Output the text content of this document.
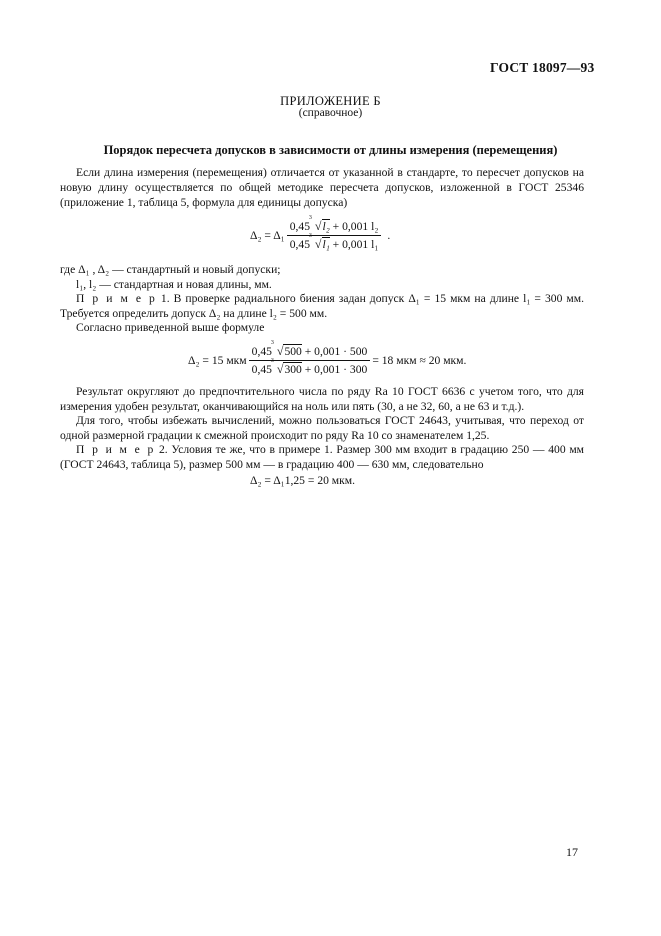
ГОСТ 18097—93
ПРИЛОЖЕНИЕ Б
(справочное)
Порядок пересчета допусков в зависимости от длины измерения (перемещения)
Если длина измерения (перемещения) отличается от указанной в стандарте, то пересчет допусков на новую длину осуществляется по общей методике пересчета допусков, изложенной в ГОСТ 25346 (приложение 1, таблица 5, формула для единицы допуска)
Δ₂ = Δ₁ 0,45
3
√l₂ + 0,001 l₂
0,45
3
√l₁ + 0,001 l₁ .
где Δ₁ , Δ₂ — стандартный и новый допуски;
l₁, l₂ — стандартная и новая длины, мм.
П р и м е р 1. В проверке радиального биения задан допуск Δ₁ = 15 мкм на длине l₁ = 300 мм. Требуется определить допуск Δ₂ на длине l₂ = 500 мм.
Согласно приведенной выше формуле
Δ₂ = 15 мкм 0,45
3
√500 + 0,001 · 500
0,45
3
√300 + 0,001 · 300 = 18 мкм ≈ 20 мкм.
Результат округляют до предпочтительного числа по ряду Ra 10 ГОСТ 6636 с учетом того, что для измерения удобен результат, оканчивающийся на ноль или пять (30, а не 32, 60, а не 63 и т.д.).
Для того, чтобы избежать вычислений, можно пользоваться ГОСТ 24643, учитывая, что переход от одной размерной градации к смежной происходит по ряду Ra 10 со знаменателем 1,25.
П р и м е р 2. Условия те же, что в примере 1. Размер 300 мм входит в градацию 250 — 400 мм (ГОСТ 24643, таблица 5), размер 500 мм — в градацию 400 — 630 мм, следовательно
Δ₂ = Δ₁1,25 = 20 мкм.
17
